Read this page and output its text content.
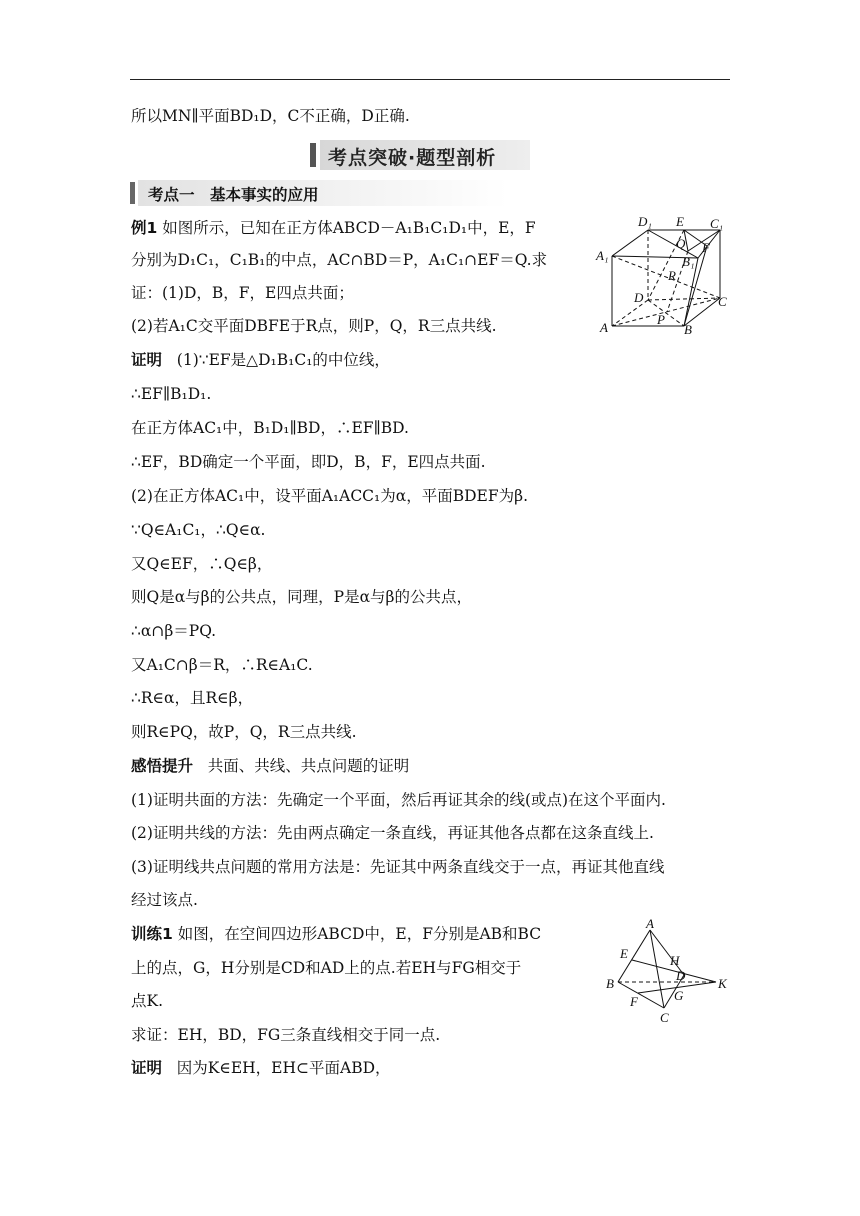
所以MN∥平面BD₁D，C不正确，D正确.
考点突破·题型剖析
考点一　基本事实的应用
例1 如图所示，已知在正方体ABCD－A₁B₁C₁D₁中，E，F
分别为D₁C₁，C₁B₁的中点，AC∩BD＝P，A₁C₁∩EF＝Q.求
证：(1)D，B，F，E四点共面；
(2)若A₁C交平面DBFE于R点，则P，Q，R三点共线.
证明 (1)∵EF是△D₁B₁C₁的中位线，
∴EF∥B₁D₁.
在正方体AC₁中，B₁D₁∥BD，∴EF∥BD.
∴EF，BD确定一个平面，即D，B，F，E四点共面.
(2)在正方体AC₁中，设平面A₁ACC₁为α，平面BDEF为β.
∵Q∈A₁C₁，∴Q∈α.
又Q∈EF，∴Q∈β，
则Q是α与β的公共点，同理，P是α与β的公共点，
∴α∩β＝PQ.
又A₁C∩β＝R，∴R∈A₁C.
∴R∈α，且R∈β，
则R∈PQ，故P，Q，R三点共线.
感悟提升 共面、共线、共点问题的证明
(1)证明共面的方法：先确定一个平面，然后再证其余的线(或点)在这个平面内.
(2)证明共线的方法：先由两点确定一条直线，再证其他各点都在这条直线上.
(3)证明线共点问题的常用方法是：先证其中两条直线交于一点，再证其他直线
经过该点.
训练1 如图，在空间四边形ABCD中，E，F分别是AB和BC
上的点，G，H分别是CD和AD上的点.若EH与FG相交于
点K.
求证：EH，BD，FG三条直线相交于同一点.
证明 因为K∈EH，EH⊂平面ABD，
D₁ E C₁
A₁
Q F
B₁
R
D	C
A
P
B
A
E	H
D
B	K
G
F
C
